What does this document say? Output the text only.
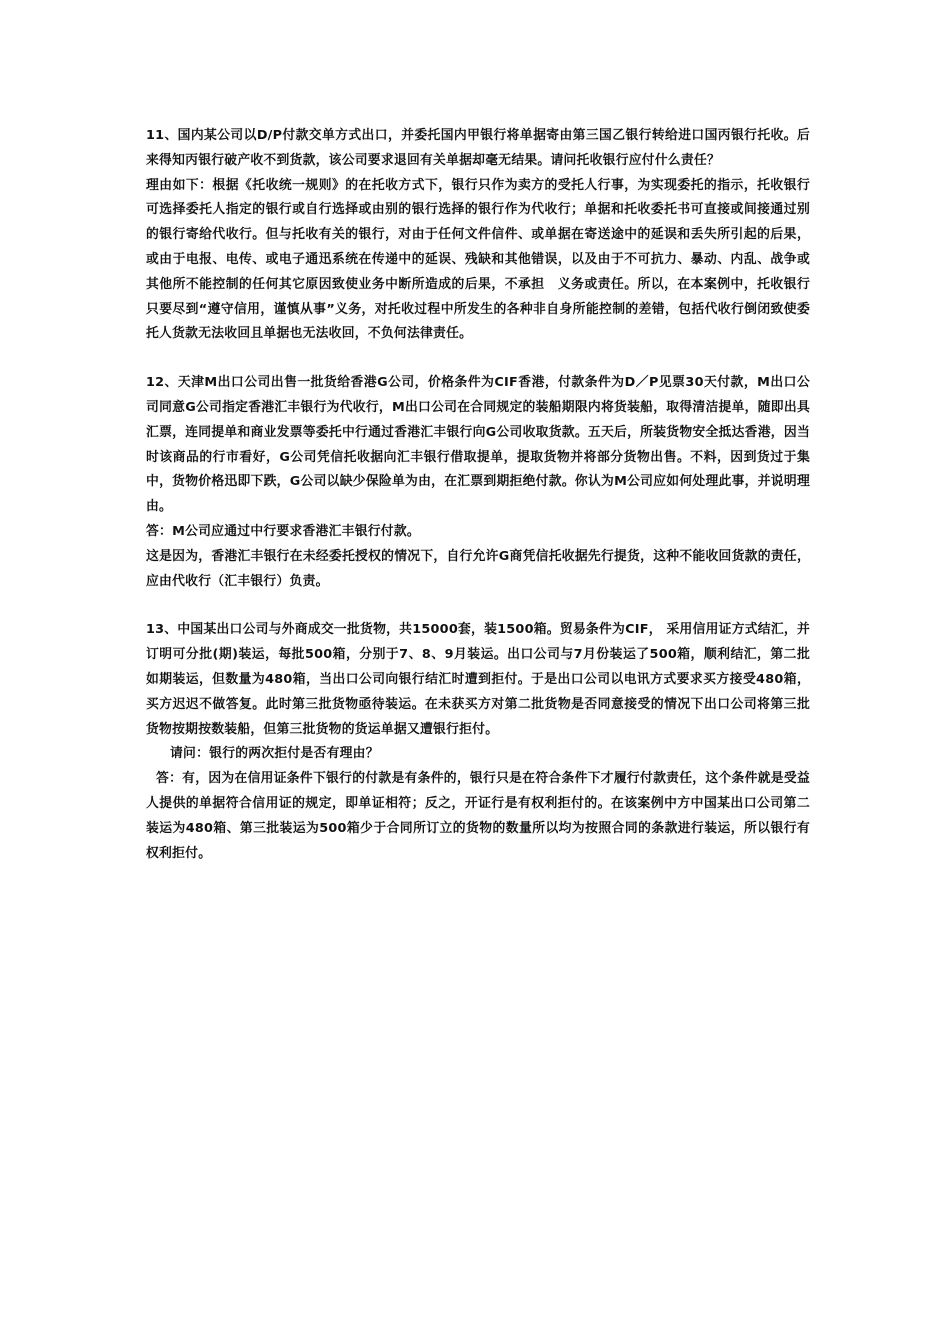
11、国内某公司以D/P付款交单方式出口，并委托国内甲银行将单据寄由第三国乙银行转给进口国丙银行托收。后来得知丙银行破产收不到货款，该公司要求退回有关单据却毫无结果。请问托收银行应付什么责任？

理由如下：根据《托收统一规则》的在托收方式下，银行只作为卖方的受托人行事，为实现委托的指示，托收银行可选择委托人指定的银行或自行选择或由别的银行选择的银行作为代收行；单据和托收委托书可直接或间接通过别的银行寄给代收行。但与托收有关的银行，对由于任何文件信件、或单据在寄送途中的延误和丢失所引起的后果，或由于电报、电传、或电子通迅系统在传递中的延误、残缺和其他错误，以及由于不可抗力、暴动、内乱、战争或其他所不能控制的任何其它原因致使业务中断所造成的后果，不承担　义务或责任。所以，在本案例中，托收银行只要尽到“遵守信用，谨慎从事”义务，对托收过程中所发生的各种非自身所能控制的差错，包括代收行倒闭致使委托人货款无法收回且单据也无法收回，不负何法律责任。

12、天津M出口公司出售一批货给香港G公司，价格条件为CIF香港，付款条件为D／P见票30天付款，M出口公司同意G公司指定香港汇丰银行为代收行，M出口公司在合同规定的装船期限内将货装船，取得清洁提单，随即出具汇票，连同提单和商业发票等委托中行通过香港汇丰银行向G公司收取货款。五天后，所装货物安全抵达香港，因当时该商品的行市看好，G公司凭信托收据向汇丰银行借取提单，提取货物并将部分货物出售。不料，因到货过于集中，货物价格迅即下跌，G公司以缺少保险单为由，在汇票到期拒绝付款。你认为M公司应如何处理此事，并说明理由。

答：M公司应通过中行要求香港汇丰银行付款。

这是因为，香港汇丰银行在未经委托授权的情况下，自行允许G商凭信托收据先行提货，这种不能收回货款的责任，应由代收行（汇丰银行）负责。

13、中国某出口公司与外商成交一批货物，共15000套，装1500箱。贸易条件为CIF， 采用信用证方式结汇，并订明可分批(期)装运，每批500箱，分别于7、8、9月装运。出口公司与7月份装运了500箱，顺利结汇，第二批如期装运，但数量为480箱，当出口公司向银行结汇时遭到拒付。于是出口公司以电讯方式要求买方接受480箱，买方迟迟不做答复。此时第三批货物亟待装运。在未获买方对第二批货物是否同意接受的情况下出口公司将第三批货物按期按数装船，但第三批货物的货运单据又遭银行拒付。

请问：银行的两次拒付是否有理由？

答：有，因为在信用证条件下银行的付款是有条件的，银行只是在符合条件下才履行付款责任，这个条件就是受益人提供的单据符合信用证的规定，即单证相符；反之，开证行是有权利拒付的。在该案例中方中国某出口公司第二装运为480箱、第三批装运为500箱少于合同所订立的货物的数量所以均为按照合同的条款进行装运，所以银行有权利拒付。
